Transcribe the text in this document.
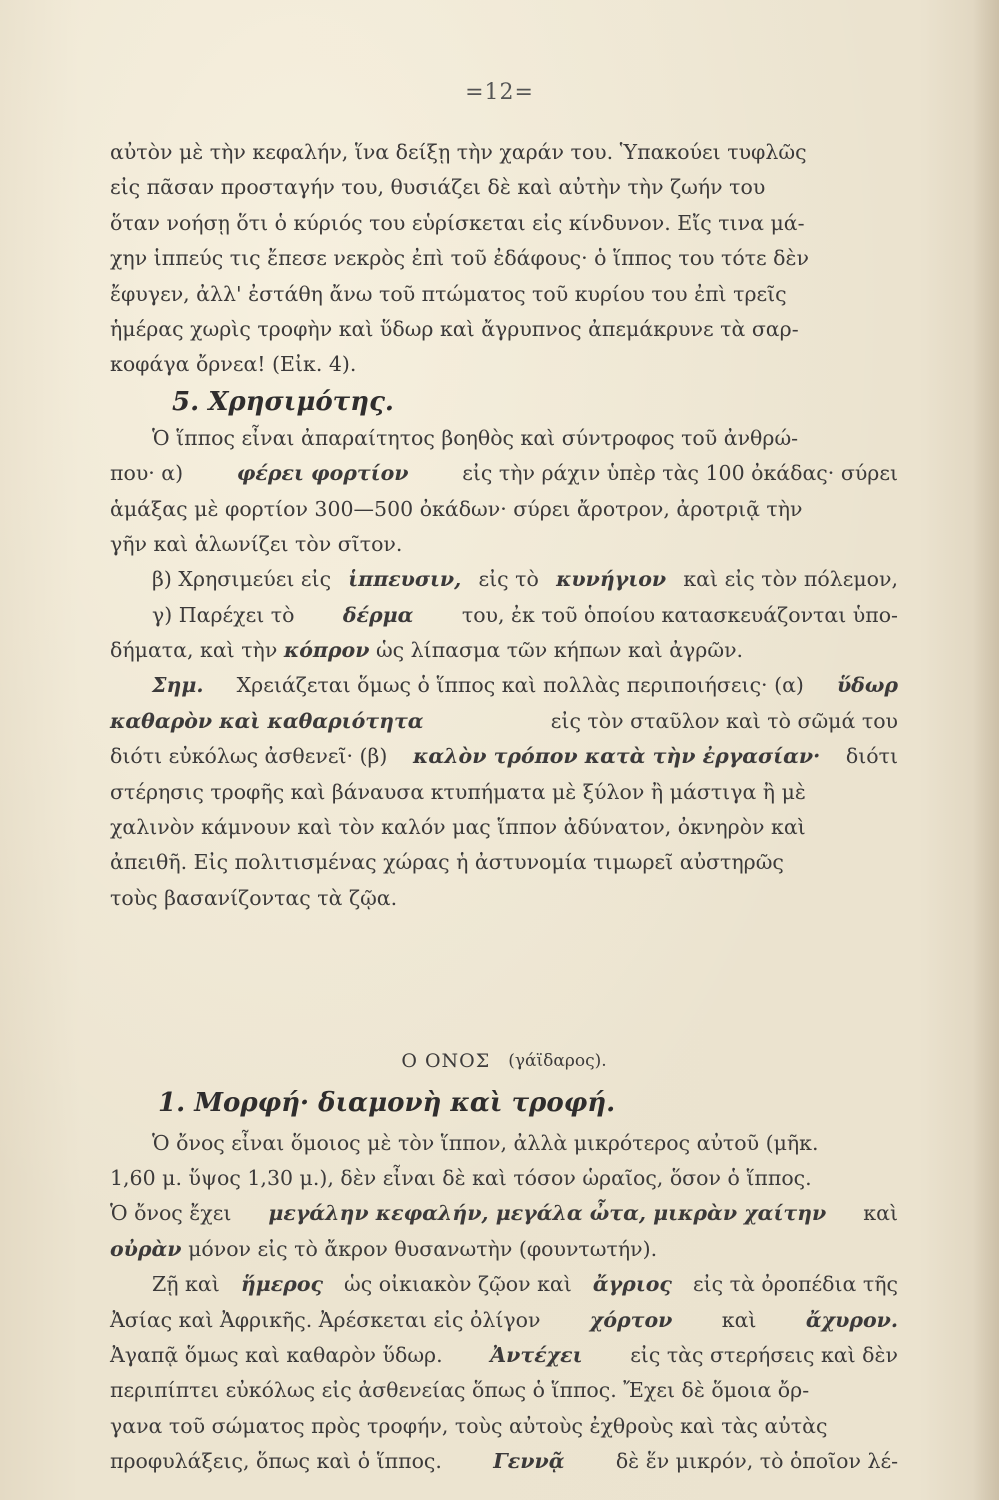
=12=
αὐτὸν μὲ τὴν κεφαλήν, ἵνα δείξῃ τὴν χαράν του. Ὑπακούει τυφλῶς
εἰς πᾶσαν προσταγήν του, θυσιάζει δὲ καὶ αὐτὴν τὴν ζωήν του
ὅταν νοήσῃ ὅτι ὁ κύριός του εὑρίσκεται εἰς κίνδυνον. Εἴς τινα μά-
χην ἱππεύς τις ἔπεσε νεκρὸς ἐπὶ τοῦ ἐδάφους· ὁ ἵππος του τότε δὲν
ἔφυγεν, ἀλλ' ἐστάθη ἄνω τοῦ πτώματος τοῦ κυρίου του ἐπὶ τρεῖς
ἡμέρας χωρὶς τροφὴν καὶ ὕδωρ καὶ ἄγρυπνος ἀπεμάκρυνε τὰ σαρ-
κοφάγα ὄρνεα! (Εἰκ. 4).
5. Χρησιμότης.
Ὁ ἵππος εἶναι ἀπαραίτητος βοηθὸς καὶ σύντροφος τοῦ ἀνθρώ-
που· α)	φέρει φορτίον	εἰς τὴν ράχιν ὑπὲρ τὰς 100 ὀκάδας· σύρει
ἁμάξας μὲ φορτίον 300—500 ὀκάδων· σύρει ἄροτρον, ἀροτριᾷ τὴν
γῆν καὶ ἁλωνίζει τὸν σῖτον.
β) Χρησιμεύει εἰς ἱππευσιν, εἰς τὸ κυνήγιον καὶ εἰς τὸν πόλεμον,
γ) Παρέχει τὸ δέρμα του, ἐκ τοῦ ὁποίου κατασκευάζονται ὑπο-
δήματα, καὶ τὴν
κόπρον
ὡς λίπασμα τῶν κήπων καὶ ἀγρῶν.
Σημ. Χρειάζεται ὅμως ὁ ἵππος καὶ πολλὰς περιποιήσεις· (α) ὕδωρ
καθαρὸν καὶ καθαριότητα	εἰς τὸν σταῦλον καὶ τὸ σῶμά του
διότι εὐκόλως ἀσθενεῖ· (β) καλὸν τρόπον κατὰ τὴν ἐργασίαν· διότι
στέρησις τροφῆς καὶ βάναυσα κτυπήματα μὲ ξύλον ἢ μάστιγα ἢ μὲ
χαλινὸν κάμνουν καὶ τὸν καλόν μας ἵππον ἀδύνατον, ὀκνηρὸν καὶ
ἀπειθῆ. Εἰς πολιτισμένας χώρας ἡ ἀστυνομία τιμωρεῖ αὐστηρῶς
τοὺς βασανίζοντας τὰ ζῷα.
Ο ΟΝΟΣ (γάϊδαρος).
1. Μορφή· διαμονὴ καὶ τροφή.
Ὁ ὄνος εἶναι ὅμοιος μὲ τὸν ἵππον, ἀλλὰ μικρότερος αὐτοῦ (μῆκ.
1,60 μ. ὕψος 1,30 μ.), δὲν εἶναι δὲ καὶ τόσον ὡραῖος, ὅσον ὁ ἵππος.
Ὁ ὄνος ἔχει μεγάλην κεφαλήν, μεγάλα ὦτα, μικρὰν χαίτην καὶ
οὐρὰν
μόνον εἰς τὸ ἄκρον θυσανωτὴν (φουντωτήν).
Ζῇ καὶ ἥμερος ὡς οἰκιακὸν ζῷον καὶ ἄγριος εἰς τὰ ὀροπέδια τῆς
Ἀσίας καὶ Ἀφρικῆς. Ἀρέσκεται εἰς ὀλίγον χόρτον καὶ ἄχυρον.
Ἀγαπᾷ ὅμως καὶ καθαρὸν ὕδωρ. Ἀντέχει εἰς τὰς στερήσεις καὶ δὲν
περιπίπτει εὐκόλως εἰς ἀσθενείας ὅπως ὁ ἵππος. Ἔχει δὲ ὅμοια ὄρ-
γανα τοῦ σώματος πρὸς τροφήν, τοὺς αὐτοὺς ἐχθροὺς καὶ τὰς αὐτὰς
προφυλάξεις, ὅπως καὶ ὁ ἵππος.	Γεννᾷ	δὲ ἕν μικρόν, τὸ ὁποῖον λέ-
